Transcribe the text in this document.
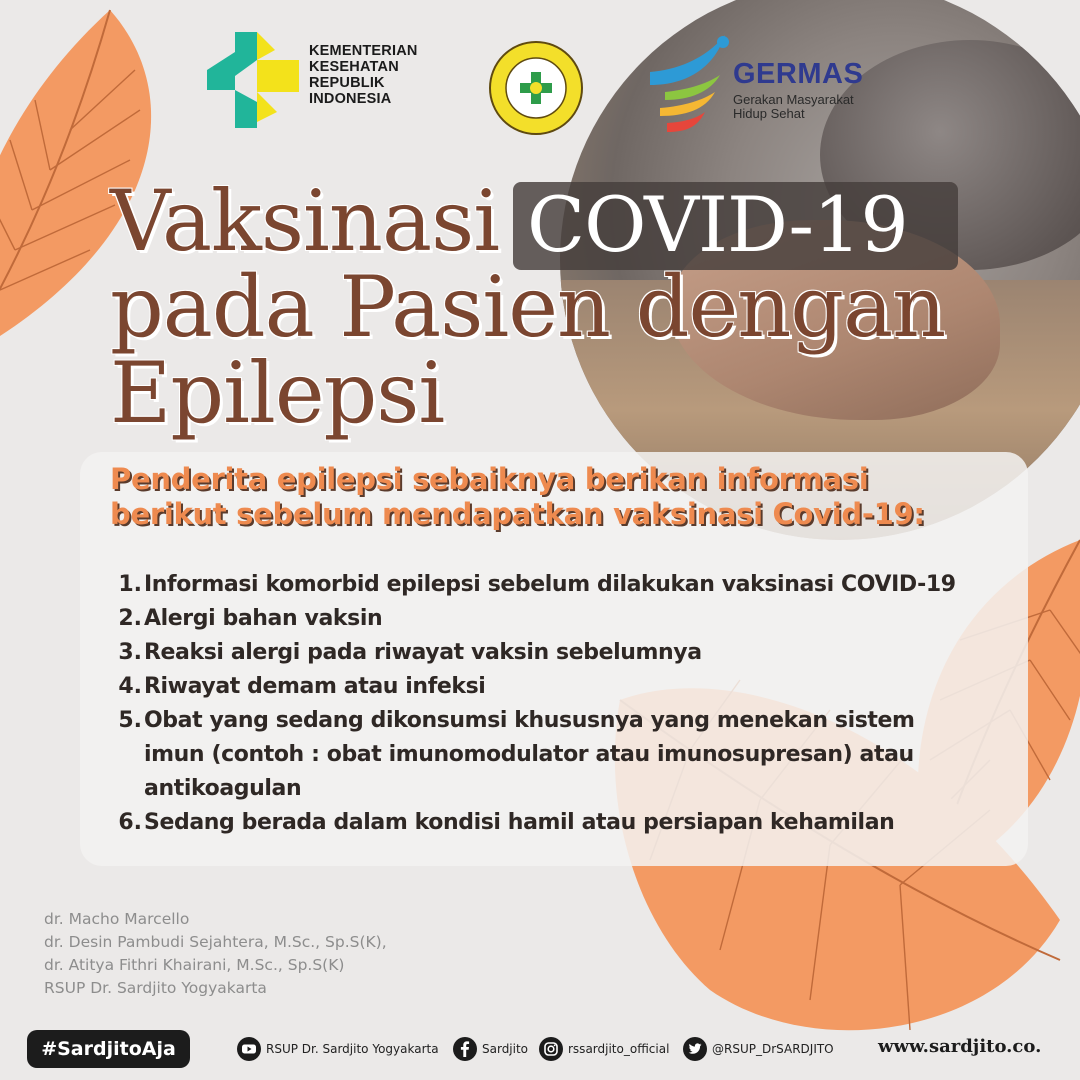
KEMENTERIAN
KESEHATAN
REPUBLIK
INDONESIA
GERMAS
Gerakan Masyarakat
Hidup Sehat
COVID-19
Vaksinasi
pada Pasien dengan
Epilepsi
Penderita epilepsi sebaiknya berikan informasi
berikut sebelum mendapatkan vaksinasi Covid-19:
1. Informasi komorbid epilepsi sebelum dilakukan vaksinasi COVID-19
2. Alergi bahan vaksin
3. Reaksi alergi pada riwayat vaksin sebelumnya
4. Riwayat demam atau infeksi
5. Obat yang sedang dikonsumsi khususnya yang menekan sistem
imun (contoh : obat imunomodulator atau imunosupresan) atau
antikoagulan
6. Sedang berada dalam kondisi hamil atau persiapan kehamilan
dr. Macho Marcello
dr. Desin Pambudi Sejahtera, M.Sc., Sp.S(K),
dr. Atitya Fithri Khairani, M.Sc., Sp.S(K)
RSUP Dr. Sardjito Yogyakarta
#SardjitoAja	RSUP Dr. Sardjito Yogyakarta	Sardjito	rssardjito_official	@RSUP_DrSARDJITO www.sardjito.co.
